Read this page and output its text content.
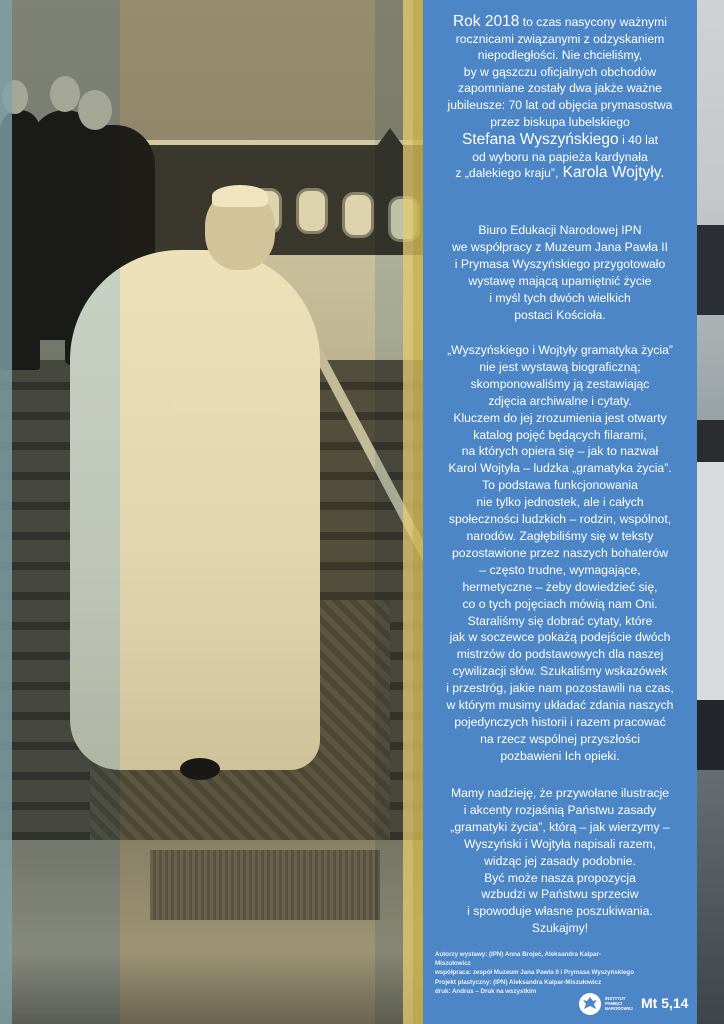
Rok 2018 to czas nasycony ważnymi
rocznicami związanymi z odzyskaniem
niepodległości. Nie chcieliśmy,
by w gąszczu oficjalnych obchodów
zapomniane zostały dwa jakże ważne
jubileusze: 70 lat od objęcia prymasostwa
przez biskupa lubelskiego
Stefana Wyszyńskiego i 40 lat
od wyboru na papieża kardynała
z „dalekiego kraju”, Karola Wojtyły.
Biuro Edukacji Narodowej IPN
we współpracy z Muzeum Jana Pawła II
i Prymasa Wyszyńskiego przygotowało
wystawę mającą upamiętnić życie
i myśl tych dwóch wielkich
postaci Kościoła.
„Wyszyńskiego i Wojtyły gramatyka życia”
nie jest wystawą biograficzną;
skomponowaliśmy ją zestawiając
zdjęcia archiwalne i cytaty.
Kluczem do jej zrozumienia jest otwarty
katalog pojęć będących filarami,
na których opiera się – jak to nazwał
Karol Wojtyła – ludzka „gramatyka życia”.
To podstawa funkcjonowania
nie tylko jednostek, ale i całych
społeczności ludzkich – rodzin, wspólnot,
narodów. Zagłębiliśmy się w teksty
pozostawione przez naszych bohaterów
– często trudne, wymagające,
hermetyczne – żeby dowiedzieć się,
co o tych pojęciach mówią nam Oni.
Staraliśmy się dobrać cytaty, które
jak w soczewce pokażą podejście dwóch
mistrzów do podstawowych dla naszej
cywilizacji słów. Szukaliśmy wskazówek
i przestróg, jakie nam pozostawili na czas,
w którym musimy układać zdania naszych
pojedynczych historii i razem pracować
na rzecz wspólnej przyszłości
pozbawieni Ich opieki.
Mamy nadzieję, że przywołane ilustracje
i akcenty rozjaśnią Państwu zasady
„gramatyki życia”, którą – jak wierzymy –
Wyszyński i Wojtyła napisali razem,
widząc jej zasady podobnie.
Być może nasza propozycja
wzbudzi w Państwu sprzeciw
i spowoduje własne poszukiwania.
Szukajmy!
Autorzy wystawy: (IPN) Anna Brojeć, Aleksandra Kalpar-Miszułowicz
współpraca: zespół Muzeum Jana Pawła II i Prymasa Wyszyńskiego
Projekt plastyczny: (IPN) Aleksandra Kalpar-Miszułowicz
druk: Andrus – Druk na wszystkim
INSTYTUT
PAMIĘCI
NARODOWEJ Mt 5,14
